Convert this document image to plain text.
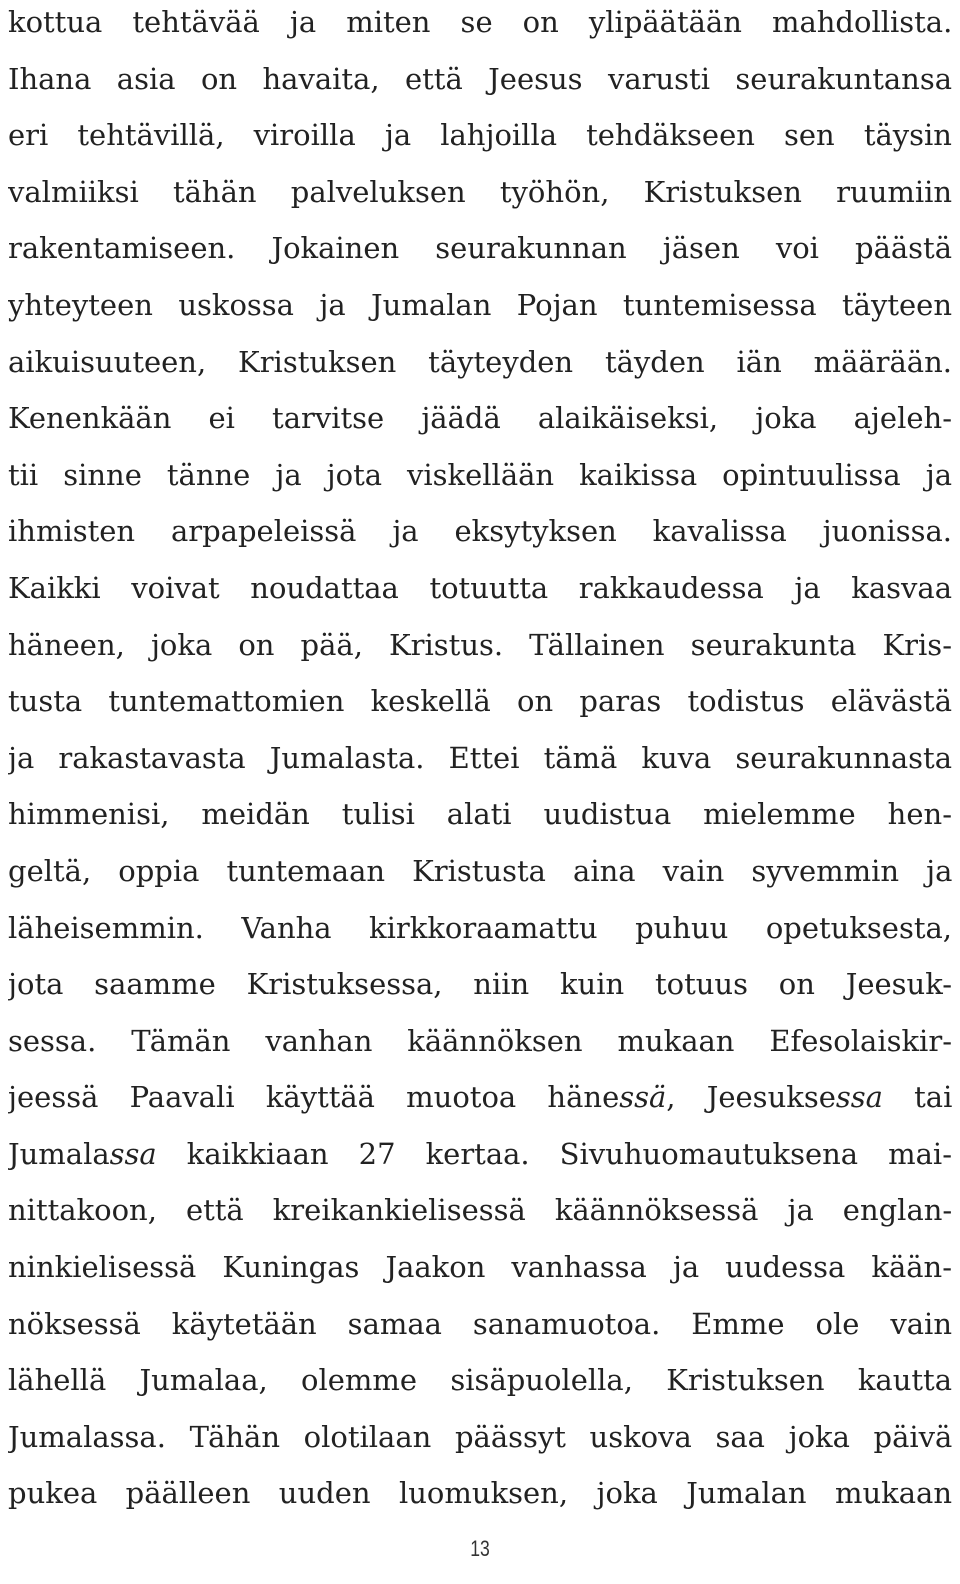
kottua tehtävää ja miten se on ylipäätään mahdollista.
Ihana asia on havaita, että Jeesus varusti seurakuntansa
eri tehtävillä, viroilla ja lahjoilla tehdäkseen sen täysin
valmiiksi tähän palveluksen työhön, Kristuksen ruumiin
rakentamiseen. Jokainen seurakunnan jäsen voi päästä
yhteyteen uskossa ja Jumalan Pojan tuntemisessa täyteen
aikuisuuteen, Kristuksen täyteyden täyden iän määrään.
Kenenkään ei tarvitse jäädä alaikäiseksi, joka ajeleh-
tii sinne tänne ja jota viskellään kaikissa opintuulissa ja
ihmisten arpapeleissä ja eksytyksen kavalissa juonissa.
Kaikki voivat noudattaa totuutta rakkaudessa ja kasvaa
häneen, joka on pää, Kristus. Tällainen seurakunta Kris-
tusta tuntemattomien keskellä on paras todistus elävästä
ja rakastavasta Jumalasta. Ettei tämä kuva seurakunnasta
himmenisi, meidän tulisi alati uudistua mielemme hen-
geltä, oppia tuntemaan Kristusta aina vain syvemmin ja
läheisemmin. Vanha kirkkoraamattu puhuu opetuksesta,
jota saamme Kristuksessa, niin kuin totuus on Jeesuk-
sessa. Tämän vanhan käännöksen mukaan Efesolaiskir-
jeessä Paavali käyttää muotoa hänessä, Jeesuksessa tai
Jumalassa kaikkiaan 27 kertaa. Sivuhuomautuksena mai-
nittakoon, että kreikankielisessä käännöksessä ja englan-
ninkielisessä Kuningas Jaakon vanhassa ja uudessa kään-
nöksessä käytetään samaa sanamuotoa. Emme ole vain
lähellä Jumalaa, olemme sisäpuolella, Kristuksen kautta
Jumalassa. Tähän olotilaan päässyt uskova saa joka päivä
pukea päälleen uuden luomuksen, joka Jumalan mukaan
13
